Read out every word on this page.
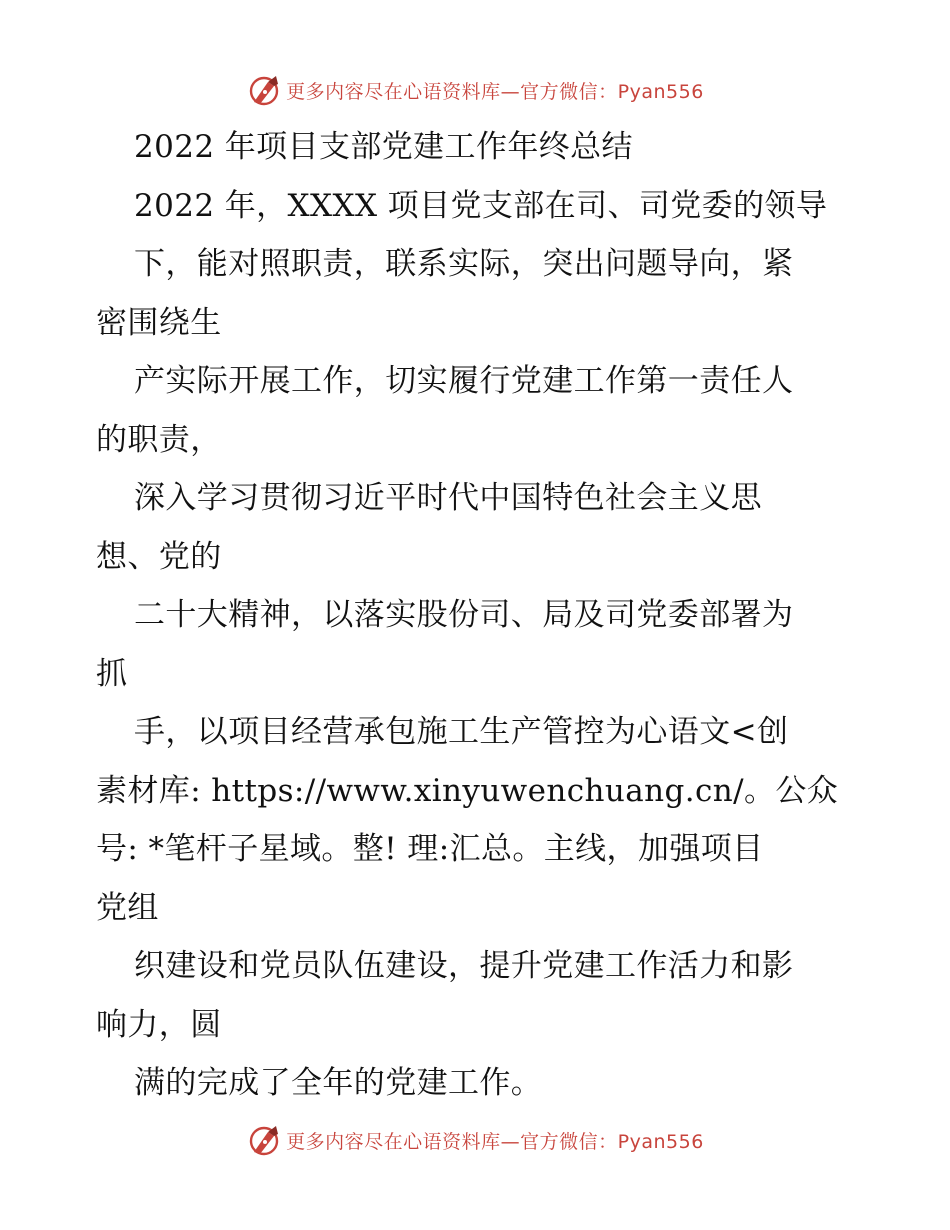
更多内容尽在心语资料库—官方微信：Pyan556
2022 年项目支部党建工作年终总结
2022 年，XXXX 项目党支部在司、司党委的领导
下，能对照职责，联系实际，突出问题导向，紧
密围绕生
产实际开展工作，切实履行党建工作第一责任人
的职责，
深入学习贯彻习近平时代中国特色社会主义思
想、党的
二十大精神，以落实股份司、局及司党委部署为
抓
手，以项目经营承包施工生产管控为心语文<创
素材库: https://www.xinyuwenchuang.cn/。公众
号: *笔杆子星域。整! 理:汇总。主线，加强项目
党组
织建设和党员队伍建设，提升党建工作活力和影
响力，圆
满的完成了全年的党建工作。
更多内容尽在心语资料库—官方微信：Pyan556
